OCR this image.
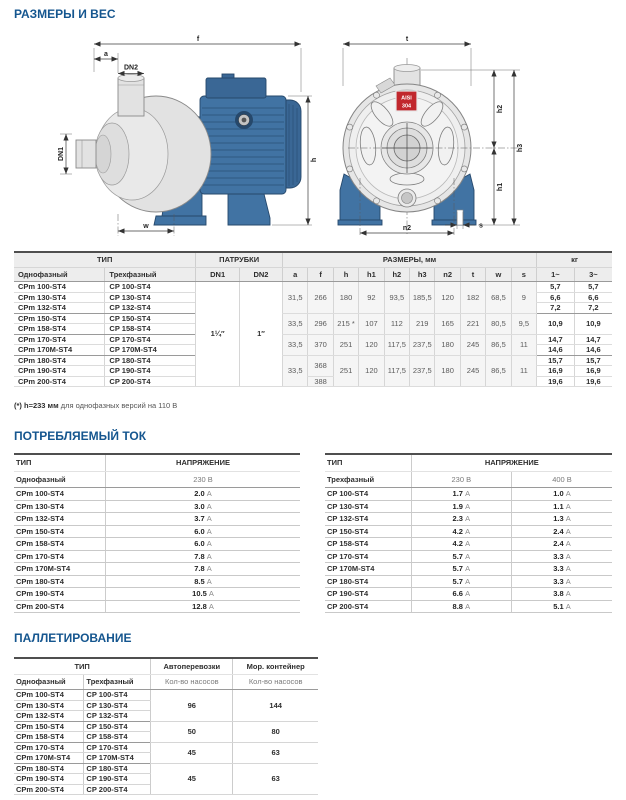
РАЗМЕРЫ И ВЕС
f
a
DN2
DN1	h
w
AISI
304
t
h2
h1
h3
s
n2
ТИП		ПАТРУБКИ		РАЗМЕРЫ, мм										кг	
Однофазный	Трехфазный	DN1	DN2	a	f	h	h1	h2	h3	n2	t	w	s	1~	3~
CPm 100-ST4	CP 100-ST4	1¼″	1″	31,5	266	180	92	93,5	185,5	120	182	68,5	9	5,7	5,7
CPm 130-ST4	CP 130-ST4													6,6	6,6
CPm 132-ST4	CP 132-ST4													7,2	7,2
CPm 150-ST4	CP 150-ST4			33,5	296	215 *	107	112	219	165	221	80,5	9,5	10,9	10,9
CPm 158-ST4	CP 158-ST4														
CPm 170-ST4	CP 170-ST4			33,5	370	251	120	117,5	237,5	180	245	86,5	11	14,7	14,7
CPm 170M-ST4	CP 170M-ST4													14,6	14,6
CPm 180-ST4	CP 180-ST4			33,5	368	251	120	117,5	237,5	180	245	86,5	11	15,7	15,7
CPm 190-ST4	CP 190-ST4													16,9	16,9
CPm 200-ST4	CP 200-ST4				388									19,6	19,6
(*) h=233 мм для однофазных версий на 110 В
ПОТРЕБЛЯЕМЫЙ ТОК
ТИП	НАПРЯЖЕНИЕ
Однофазный	230 В
CPm 100-ST4	2.0 A
CPm 130-ST4	3.0 A
CPm 132-ST4	3.7 A
CPm 150-ST4	6.0 A
CPm 158-ST4	6.0 A
CPm 170-ST4	7.8 A
CPm 170M-ST4	7.8 A
CPm 180-ST4	8.5 A
CPm 190-ST4	10.5 A
CPm 200-ST4	12.8 A
ТИП	НАПРЯЖЕНИЕ	
Трехфазный	230 В	400 В
CP 100-ST4	1.7 A	1.0 A
CP 130-ST4	1.9 A	1.1 A
CP 132-ST4	2.3 A	1.3 A
CP 150-ST4	4.2 A	2.4 A
CP 158-ST4	4.2 A	2.4 A
CP 170-ST4	5.7 A	3.3 A
CP 170M-ST4	5.7 A	3.3 A
CP 180-ST4	5.7 A	3.3 A
CP 190-ST4	6.6 A	3.8 A
CP 200-ST4	8.8 A	5.1 A
ПАЛЛЕТИРОВАНИЕ
ТИП		Автоперевозки	Мор. контейнер
Однофазный	Трехфазный	Кол-во насосов	Кол-во насосов
CPm 100-ST4	CP 100-ST4	96	144
CPm 130-ST4	CP 130-ST4		
CPm 132-ST4	CP 132-ST4		
CPm 150-ST4	CP 150-ST4	50	80
CPm 158-ST4	CP 158-ST4		
CPm 170-ST4	CP 170-ST4	45	63
CPm 170M-ST4	CP 170M-ST4		
CPm 180-ST4	CP 180-ST4	45	63
CPm 190-ST4	CP 190-ST4		
CPm 200-ST4	CP 200-ST4		
